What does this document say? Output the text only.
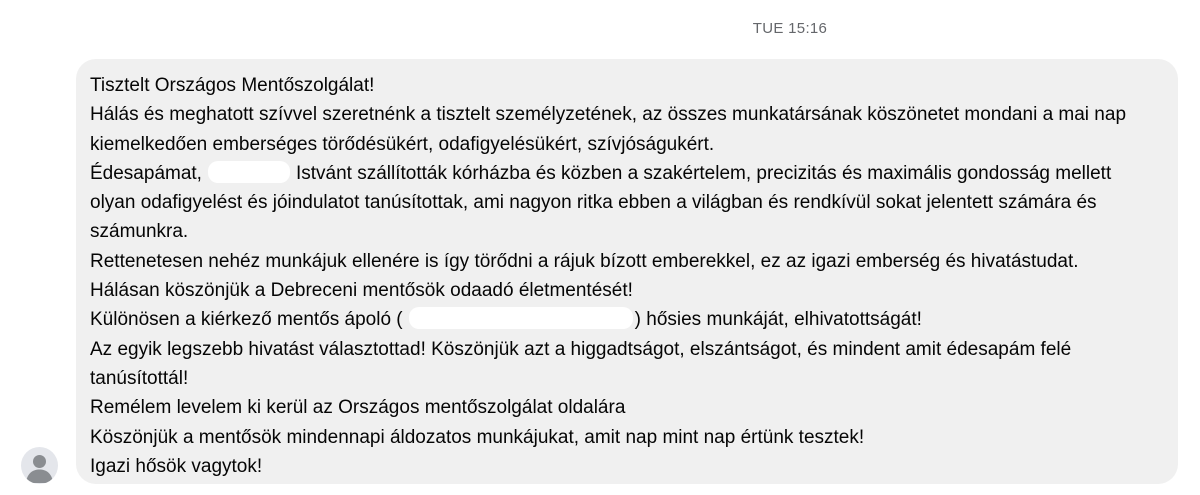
TUE 15:16
Tisztelt Országos Mentőszolgálat!
Hálás és meghatott szívvel szeretnénk a tisztelt személyzetének, az összes munkatársának köszönetet mondani a mai nap
kiemelkedően emberséges törődésükért, odafigyelésükért, szívjóságukért.
Édesapámat,	Istvánt szállították kórházba és közben a szakértelem, precizitás és maximális gondosság mellett
olyan odafigyelést és jóindulatot tanúsítottak, ami nagyon ritka ebben a világban és rendkívül sokat jelentett számára és
számunkra.
Rettenetesen nehéz munkájuk ellenére is így törődni a rájuk bízott emberekkel, ez az igazi emberség és hivatástudat.
Hálásan köszönjük a Debreceni mentősök odaadó életmentését!
Különösen a kiérkező mentős ápoló (	) hősies munkáját, elhivatottságát!
Az egyik legszebb hivatást választottad! Köszönjük azt a higgadtságot, elszántságot, és mindent amit édesapám felé
tanúsítottál!
Remélem levelem ki kerül az Országos mentőszolgálat oldalára
Köszönjük a mentősök mindennapi áldozatos munkájukat, amit nap mint nap értünk tesztek!
Igazi hősök vagytok!
